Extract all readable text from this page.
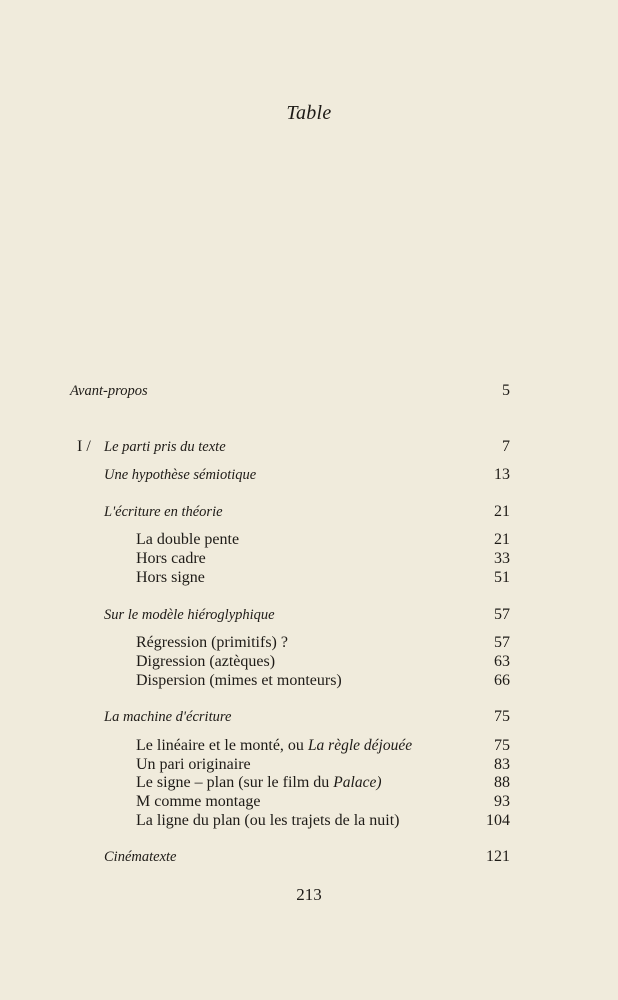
Table
Avant-propos	5
I / Le parti pris du texte	7
Une hypothèse sémiotique	13
L'écriture en théorie	21
La double pente	21
Hors cadre	33
Hors signe	51
Sur le modèle hiéroglyphique	57
Régression (primitifs) ?	57
Digression (aztèques)	63
Dispersion (mimes et monteurs)	66
La machine d'écriture	75
Le linéaire et le monté, ou La règle déjouée	75
Un pari originaire	83
Le signe – plan (sur le film du Palace)	88
M comme montage	93
La ligne du plan (ou les trajets de la nuit)	104
Cinématexte	121
213
